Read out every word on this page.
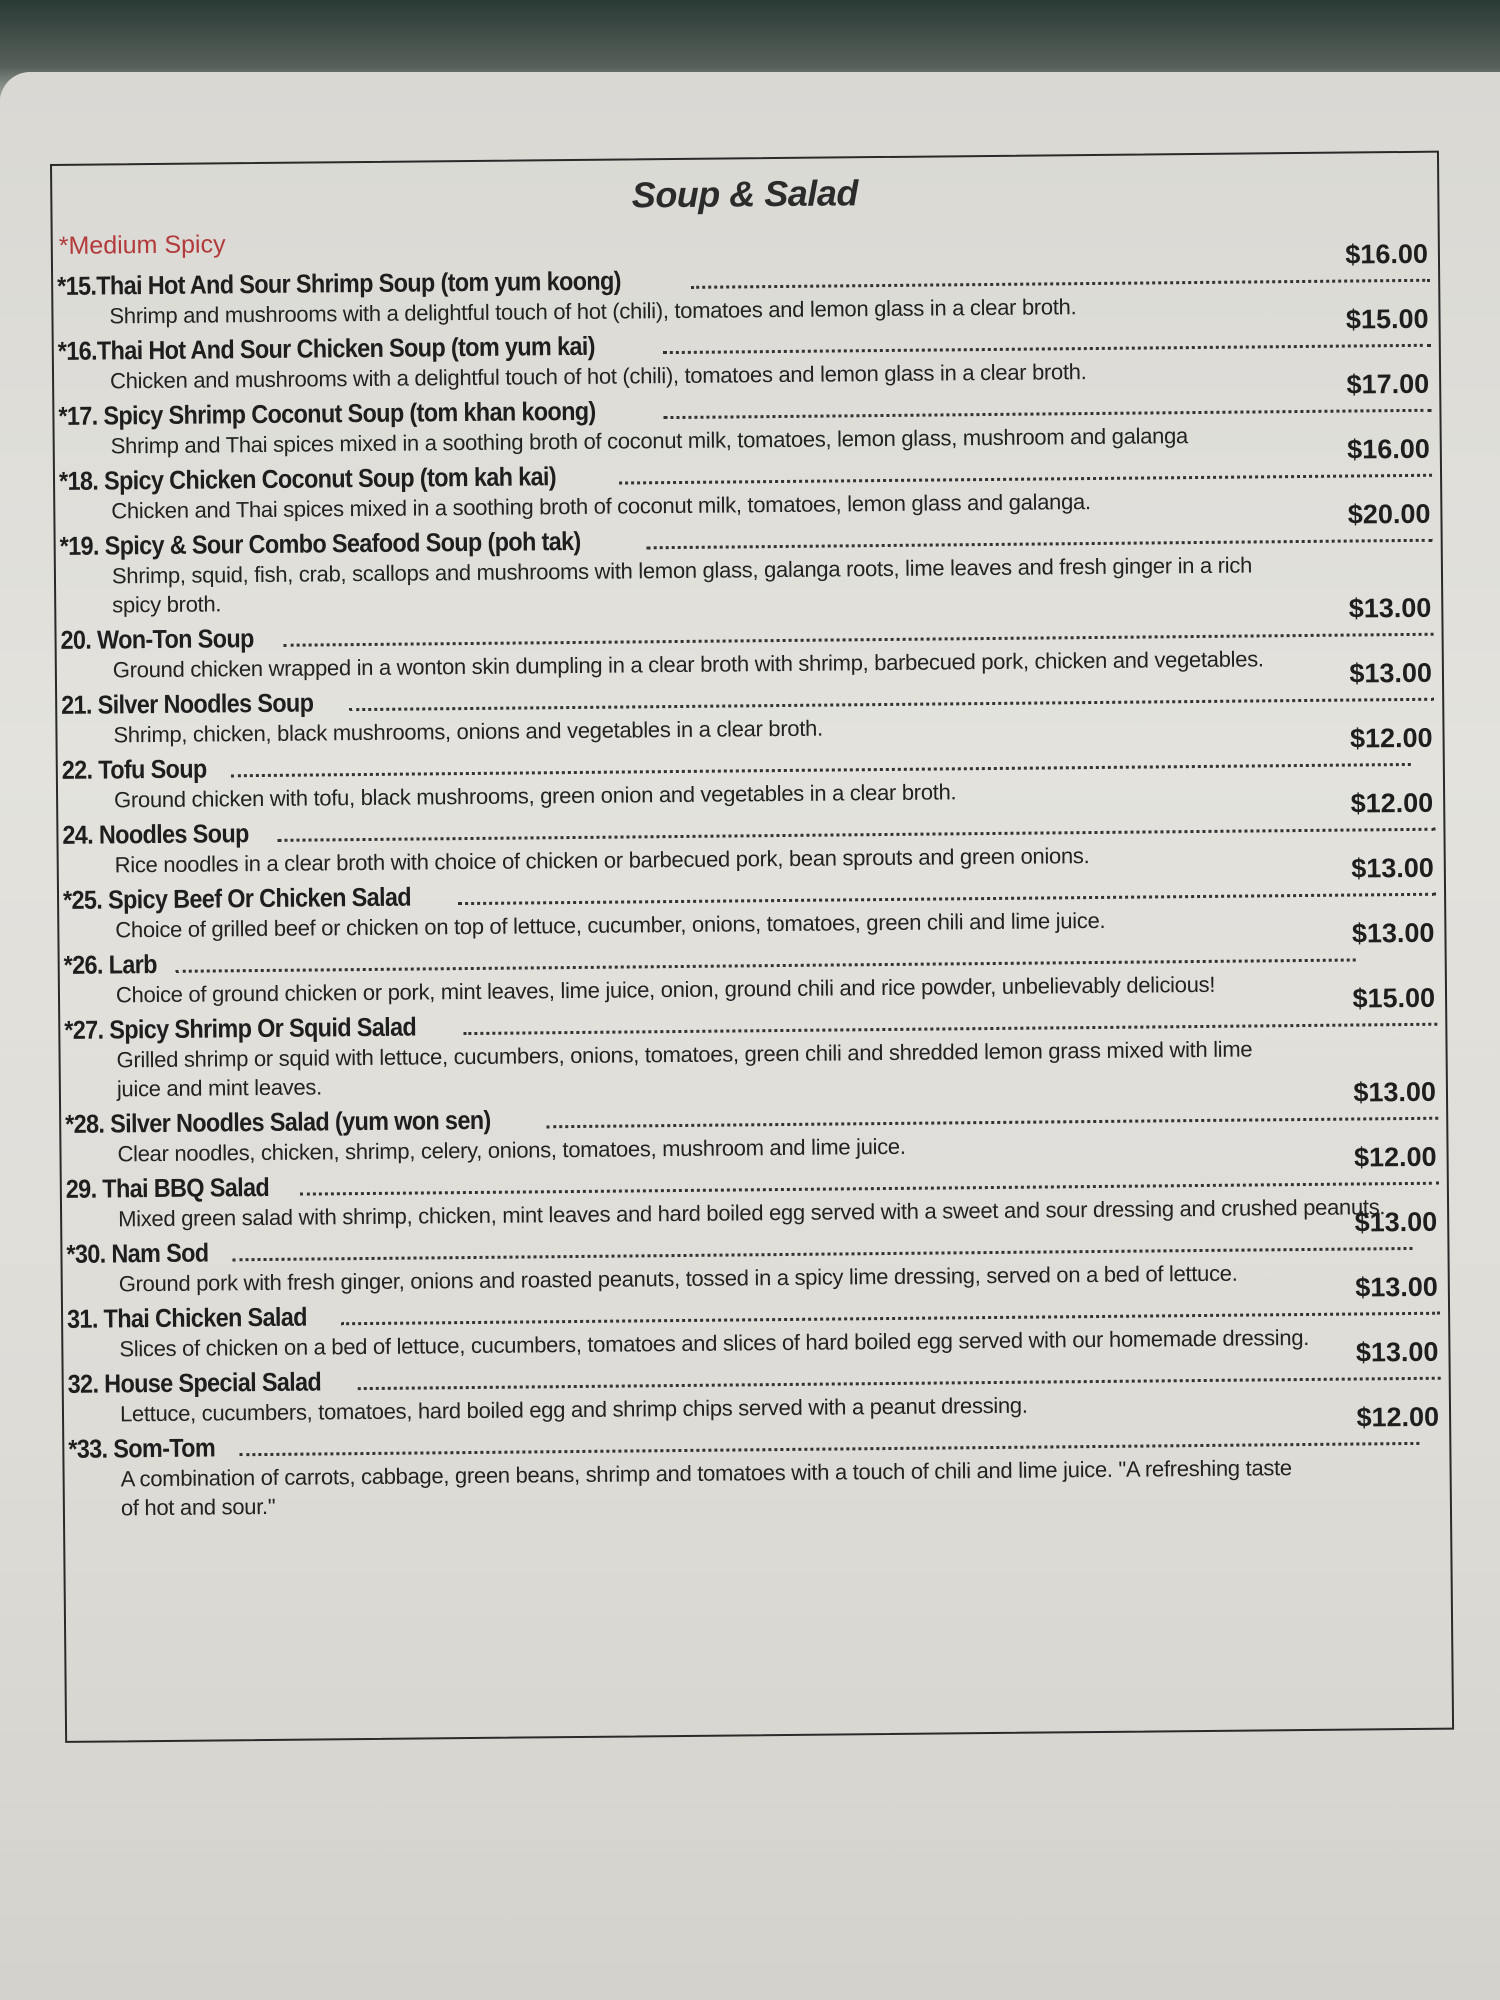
Soup & Salad
*Medium Spicy
*15.Thai Hot And Sour Shrimp Soup (tom yum koong)
$16.00
Shrimp and mushrooms with a delightful touch of hot (chili), tomatoes and lemon glass in a clear broth.
*16.Thai Hot And Sour Chicken Soup (tom yum kai)
$15.00
Chicken and mushrooms with a delightful touch of hot (chili), tomatoes and lemon glass in a clear broth.
*17. Spicy Shrimp Coconut Soup (tom khan koong)
$17.00
Shrimp and Thai spices mixed in a soothing broth of coconut milk, tomatoes, lemon glass, mushroom and galanga
*18. Spicy Chicken Coconut Soup (tom kah kai)
$16.00
Chicken and Thai spices mixed in a soothing broth of coconut milk, tomatoes, lemon glass and galanga.
*19. Spicy & Sour Combo Seafood Soup (poh tak)
$20.00
Shrimp, squid, fish, crab, scallops and mushrooms with lemon glass, galanga roots, lime leaves and fresh ginger in a rich spicy broth.
20. Won-Ton Soup
$13.00
Ground chicken wrapped in a wonton skin dumpling in a clear broth with shrimp, barbecued pork, chicken and vegetables.
21. Silver Noodles Soup
$13.00
Shrimp, chicken, black mushrooms, onions and vegetables in a clear broth.
22. Tofu Soup
$12.00
Ground chicken with tofu, black mushrooms, green onion and vegetables in a clear broth.
24. Noodles Soup
$12.00
Rice noodles in a clear broth with choice of chicken or barbecued pork, bean sprouts and green onions.
*25. Spicy Beef Or Chicken Salad
$13.00
Choice of grilled beef or chicken on top of lettuce, cucumber, onions, tomatoes, green chili and lime juice.
*26. Larb
$13.00
Choice of ground chicken or pork, mint leaves, lime juice, onion, ground chili and rice powder, unbelievably delicious!
*27. Spicy Shrimp Or Squid Salad
$15.00
Grilled shrimp or squid with lettuce, cucumbers, onions, tomatoes, green chili and shredded lemon grass mixed with lime juice and mint leaves.
*28. Silver Noodles Salad (yum won sen)
$13.00
Clear noodles, chicken, shrimp, celery, onions, tomatoes, mushroom and lime juice.
29. Thai BBQ Salad
$12.00
Mixed green salad with shrimp, chicken, mint leaves and hard boiled egg served with a sweet and sour dressing and crushed peanuts.
*30. Nam Sod
$13.00
Ground pork with fresh ginger, onions and roasted peanuts, tossed in a spicy lime dressing, served on a bed of lettuce.
31. Thai Chicken Salad
$13.00
Slices of chicken on a bed of lettuce, cucumbers, tomatoes and slices of hard boiled egg served with our homemade dressing.
32. House Special Salad
$13.00
Lettuce, cucumbers, tomatoes, hard boiled egg and shrimp chips served with a peanut dressing.
*33. Som-Tom
$12.00
A combination of carrots, cabbage, green beans, shrimp and tomatoes with a touch of chili and lime juice. "A refreshing taste of hot and sour."
